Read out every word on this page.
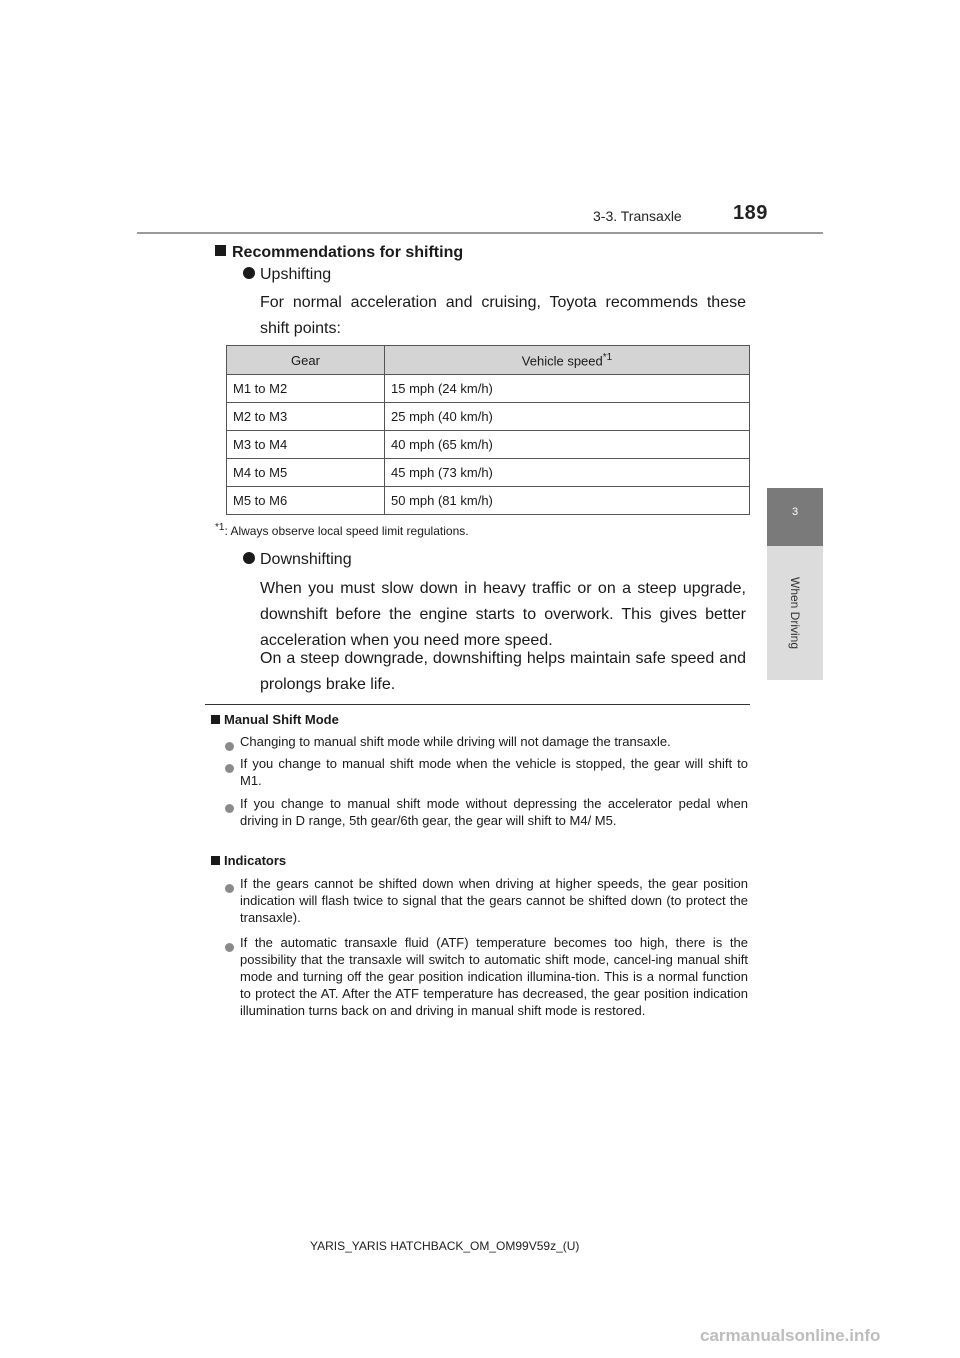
3-3. Transaxle	189
3
When Driving
Recommendations for shifting
Upshifting
For normal acceleration and cruising, Toyota recommends these shift points:
Gear	Vehicle speed$^{*1}$
M1 to M2	15 mph (24 km/h)
M2 to M3	25 mph (40 km/h)
M3 to M4	40 mph (65 km/h)
M4 to M5	45 mph (73 km/h)
M5 to M6	50 mph (81 km/h)
$^{*1}$: Always observe local speed limit regulations.
Downshifting
When you must slow down in heavy traffic or on a steep upgrade, downshift before the engine starts to overwork. This gives better acceleration when you need more speed.
On a steep downgrade, downshifting helps maintain safe speed and prolongs brake life.
Manual Shift Mode
Changing to manual shift mode while driving will not damage the transaxle.
If you change to manual shift mode when the vehicle is stopped, the gear will shift to M1.
If you change to manual shift mode without depressing the accelerator pedal when driving in D range, 5th gear/6th gear, the gear will shift to M4/ M5.
Indicators
If the gears cannot be shifted down when driving at higher speeds, the gear position indication will flash twice to signal that the gears cannot be shifted down (to protect the transaxle).
If the automatic transaxle fluid (ATF) temperature becomes too high, there is the possibility that the transaxle will switch to automatic shift mode, cancel-ing manual shift mode and turning off the gear position indication illumina-tion. This is a normal function to protect the AT. After the ATF temperature has decreased, the gear position indication illumination turns back on and driving in manual shift mode is restored.
YARIS_YARIS HATCHBACK_OM_OM99V59z_(U)
carmanualsonline.info
